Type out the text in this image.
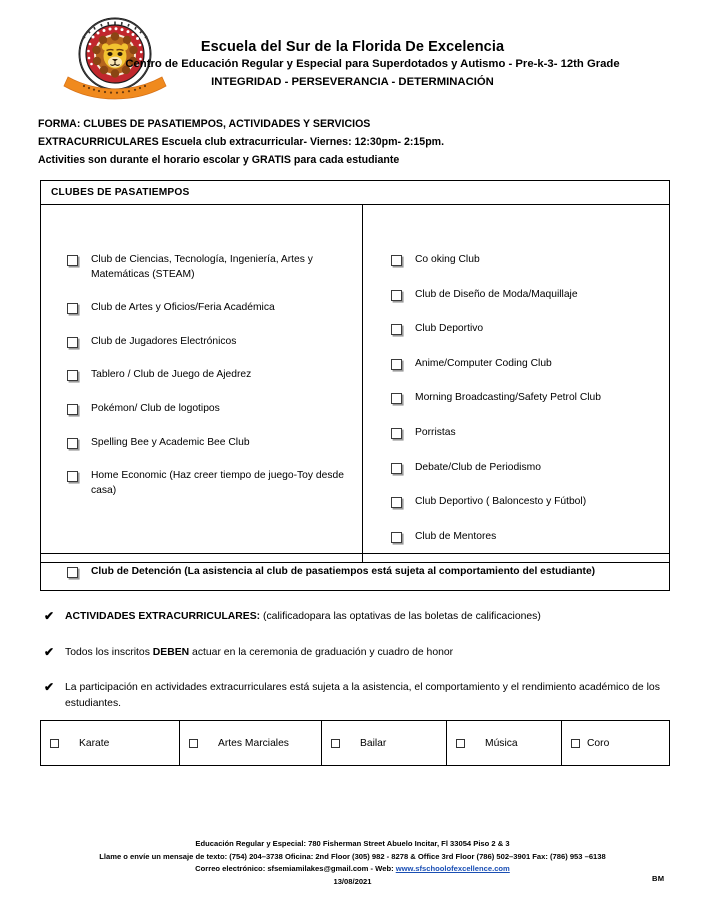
Escuela del Sur de la Florida De Excelencia
Centro de Educación Regular y Especial para Superdotados y Autismo - Pre-k-3- 12th Grade
INTEGRIDAD - PERSEVERANCIA - DETERMINACIÓN
FORMA: CLUBES DE PASATIEMPOS, ACTIVIDADES Y SERVICIOS
EXTRACURRICULARES Escuela club extracurricular- Viernes: 12:30pm- 2:15pm.
Activities son durante el horario escolar y GRATIS para cada estudiante
CLUBES DE PASATIEMPOS
Club de Ciencias, Tecnología, Ingeniería, Artes y Matemáticas (STEAM)
Club de Artes y Oficios/Feria Académica
Club de Jugadores Electrónicos
Tablero / Club de Juego de Ajedrez
Pokémon/ Club de logotipos
Spelling Bee y Academic Bee Club
Home Economic (Haz creer tiempo de juego-Toy desde casa)
Co oking Club
Club de Diseño de Moda/Maquillaje
Club Deportivo
Anime/Computer Coding Club
Morning Broadcasting/Safety Petrol Club
Porristas
Debate/Club de Periodismo
Club Deportivo ( Baloncesto y Fútbol)
Club de Mentores
Club de Detención (La asistencia al club de pasatiempos está sujeta al comportamiento del estudiante)
✔ ACTIVIDADES EXTRACURRICULARES: (calificadopara las optativas de las boletas de calificaciones)
✔ Todos los inscritos DEBEN actuar en la ceremonia de graduación y cuadro de honor
✔ La participación en actividades extracurriculares está sujeta a la asistencia, el comportamiento y el rendimiento académico de los estudiantes.
Karate	Artes Marciales	Bailar	Música	Coro
Educación Regular y Especial: 780 Fisherman Street Abuelo Incitar, Fl 33054 Piso 2 & 3
Llame o envíe un mensaje de texto: (754) 204–3738 Oficina: 2nd Floor (305) 982 - 8278 & Office 3rd Floor (786) 502–3901 Fax: (786) 953 –6138
Correo electrónico: sfsemiamilakes@gmail.com - Web: www.sfschoolofexcellence.com
13/08/2021	BM
